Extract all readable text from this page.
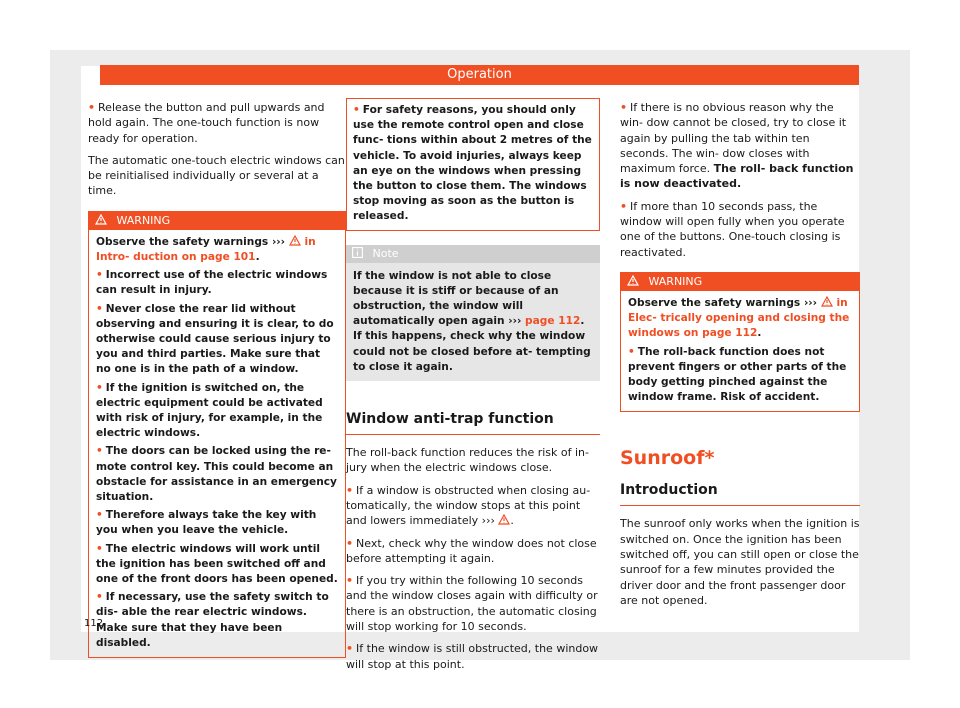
Operation

• Release the button and pull upwards and hold again. The one-touch function is now ready for operation.

The automatic one-touch electric windows can be reinitialised individually or several at a time.

WARNING

Observe the safety warnings ››› in Intro- duction on page 101.

• Incorrect use of the electric windows can result in injury.

• Never close the rear lid without observing and ensuring it is clear, to do otherwise could cause serious injury to you and third parties. Make sure that no one is in the path of a window.

• If the ignition is switched on, the electric equipment could be activated with risk of injury, for example, in the electric windows.

• The doors can be locked using the re- mote control key. This could become an obstacle for assistance in an emergency situation.

• Therefore always take the key with you when you leave the vehicle.

• The electric windows will work until the ignition has been switched off and one of the front doors has been opened.

• If necessary, use the safety switch to dis- able the rear electric windows. Make sure that they have been disabled.

• For safety reasons, you should only use the remote control open and close func- tions within about 2 metres of the vehicle. To avoid injuries, always keep an eye on the windows when pressing the button to close them. The windows stop moving as soon as the button is released.
Note
If the window is not able to close because it is stiff or because of an obstruction, the window will automatically open again ››› page 112. If this happens, check why the window could not be closed before at- tempting to close it again.
Window anti-trap function

The roll-back function reduces the risk of in- jury when the electric windows close.

• If a window is obstructed when closing au- tomatically, the window stops at this point and lowers immediately ››› .

• Next, check why the window does not close before attempting it again.

• If you try within the following 10 seconds and the window closes again with difficulty or there is an obstruction, the automatic closing will stop working for 10 seconds.

• If the window is still obstructed, the window will stop at this point.

• If there is no obvious reason why the win- dow cannot be closed, try to close it again by pulling the tab within ten seconds. The win- dow closes with maximum force. The roll- back function is now deactivated.

• If more than 10 seconds pass, the window will open fully when you operate one of the buttons. One-touch closing is reactivated.

WARNING

Observe the safety warnings ››› in Elec- trically opening and closing the windows on page 112.

• The roll-back function does not prevent fingers or other parts of the body getting pinched against the window frame. Risk of accident.

Sunroof*
Introduction

The sunroof only works when the ignition is switched on. Once the ignition has been switched off, you can still open or close the sunroof for a few minutes provided the driver door and the front passenger door are not opened.

112
